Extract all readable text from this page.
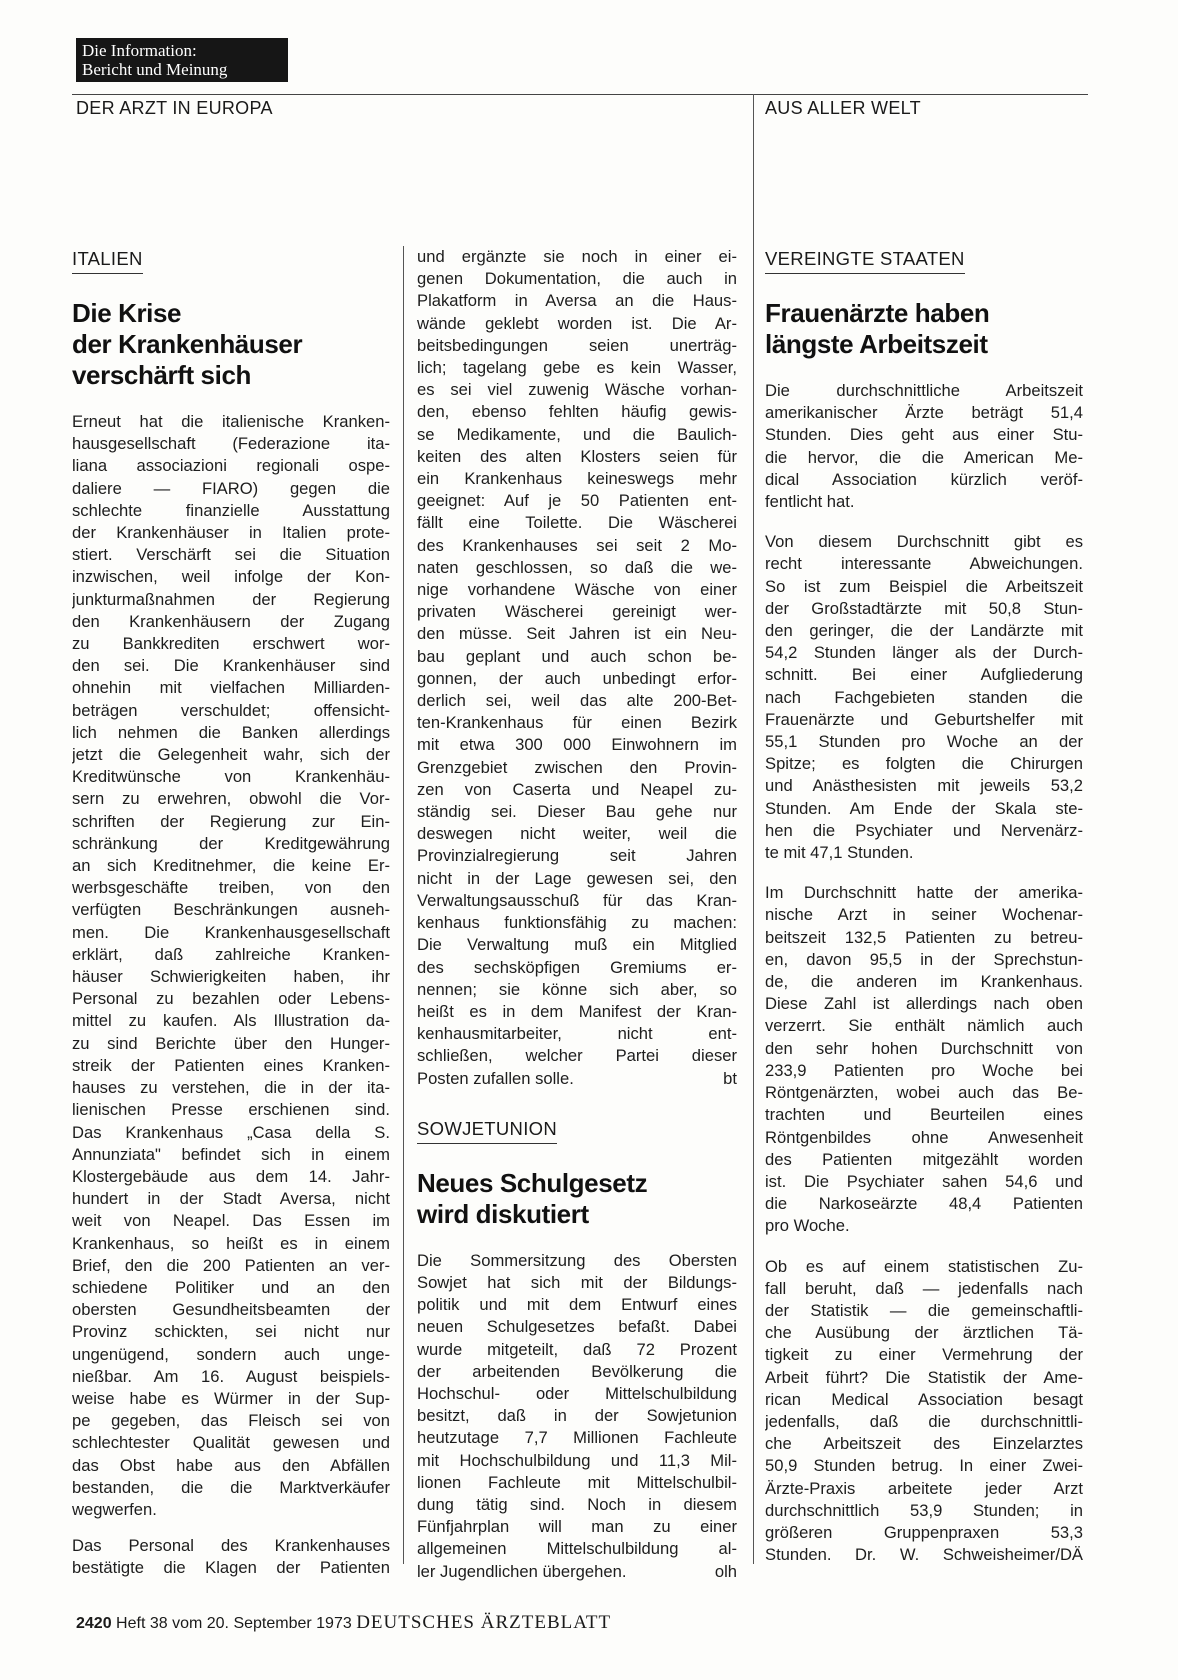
Die Information:
Bericht und Meinung
DER ARZT IN EUROPA	AUS ALLER WELT
ITALIEN
Die Krise
der Krankenhäuser
verschärft sich
Erneut hat die italienische Kranken-
hausgesellschaft (Federazione ita-
liana associazioni regionali ospe-
daliere — FIARO) gegen die
schlechte finanzielle Ausstattung
der Krankenhäuser in Italien prote-
stiert. Verschärft sei die Situation
inzwischen, weil infolge der Kon-
junkturmaßnahmen der Regierung
den Krankenhäusern der Zugang
zu Bankkrediten erschwert wor-
den sei. Die Krankenhäuser sind
ohnehin mit vielfachen Milliarden-
beträgen verschuldet; offensicht-
lich nehmen die Banken allerdings
jetzt die Gelegenheit wahr, sich der
Kreditwünsche von Krankenhäu-
sern zu erwehren, obwohl die Vor-
schriften der Regierung zur Ein-
schränkung der Kreditgewährung
an sich Kreditnehmer, die keine Er-
werbsgeschäfte treiben, von den
verfügten Beschränkungen ausneh-
men. Die Krankenhausgesellschaft
erklärt, daß zahlreiche Kranken-
häuser Schwierigkeiten haben, ihr
Personal zu bezahlen oder Lebens-
mittel zu kaufen. Als Illustration da-
zu sind Berichte über den Hunger-
streik der Patienten eines Kranken-
hauses zu verstehen, die in der ita-
lienischen Presse erschienen sind.
Das Krankenhaus „Casa della S.
Annunziata" befindet sich in einem
Klostergebäude aus dem 14. Jahr-
hundert in der Stadt Aversa, nicht
weit von Neapel. Das Essen im
Krankenhaus, so heißt es in einem
Brief, den die 200 Patienten an ver-
schiedene Politiker und an den
obersten Gesundheitsbeamten der
Provinz schickten, sei nicht nur
ungenügend, sondern auch unge-
nießbar. Am 16. August beispiels-
weise habe es Würmer in der Sup-
pe gegeben, das Fleisch sei von
schlechtester Qualität gewesen und
das Obst habe aus den Abfällen
bestanden, die die Marktverkäufer
wegwerfen.
Das Personal des Krankenhauses
bestätigte die Klagen der Patienten
und ergänzte sie noch in einer ei-
genen Dokumentation, die auch in
Plakatform in Aversa an die Haus-
wände geklebt worden ist. Die Ar-
beitsbedingungen seien unerträg-
lich; tagelang gebe es kein Wasser,
es sei viel zuwenig Wäsche vorhan-
den, ebenso fehlten häufig gewis-
se Medikamente, und die Baulich-
keiten des alten Klosters seien für
ein Krankenhaus keineswegs mehr
geeignet: Auf je 50 Patienten ent-
fällt eine Toilette. Die Wäscherei
des Krankenhauses sei seit 2 Mo-
naten geschlossen, so daß die we-
nige vorhandene Wäsche von einer
privaten Wäscherei gereinigt wer-
den müsse. Seit Jahren ist ein Neu-
bau geplant und auch schon be-
gonnen, der auch unbedingt erfor-
derlich sei, weil das alte 200-Bet-
ten-Krankenhaus für einen Bezirk
mit etwa 300 000 Einwohnern im
Grenzgebiet zwischen den Provin-
zen von Caserta und Neapel zu-
ständig sei. Dieser Bau gehe nur
deswegen nicht weiter, weil die
Provinzialregierung seit Jahren
nicht in der Lage gewesen sei, den
Verwaltungsausschuß für das Kran-
kenhaus funktionsfähig zu machen:
Die Verwaltung muß ein Mitglied
des sechsköpfigen Gremiums er-
nennen; sie könne sich aber, so
heißt es in dem Manifest der Kran-
kenhausmitarbeiter, nicht ent-
schließen, welcher Partei dieser
Posten zufallen solle.	bt
SOWJETUNION
Neues Schulgesetz
wird diskutiert
Die Sommersitzung des Obersten
Sowjet hat sich mit der Bildungs-
politik und mit dem Entwurf eines
neuen Schulgesetzes befaßt. Dabei
wurde mitgeteilt, daß 72 Prozent
der arbeitenden Bevölkerung die
Hochschul- oder Mittelschulbildung
besitzt, daß in der Sowjetunion
heutzutage 7,7 Millionen Fachleute
mit Hochschulbildung und 11,3 Mil-
lionen Fachleute mit Mittelschulbil-
dung tätig sind. Noch in diesem
Fünfjahrplan will man zu einer
allgemeinen Mittelschulbildung al-
ler Jugendlichen übergehen.	olh
VEREINGTE STAATEN
Frauenärzte haben
längste Arbeitszeit
Die durchschnittliche Arbeitszeit
amerikanischer Ärzte beträgt 51,4
Stunden. Dies geht aus einer Stu-
die hervor, die die American Me-
dical Association kürzlich veröf-
fentlicht hat.
Von diesem Durchschnitt gibt es
recht interessante Abweichungen.
So ist zum Beispiel die Arbeitszeit
der Großstadtärzte mit 50,8 Stun-
den geringer, die der Landärzte mit
54,2 Stunden länger als der Durch-
schnitt. Bei einer Aufgliederung
nach Fachgebieten standen die
Frauenärzte und Geburtshelfer mit
55,1 Stunden pro Woche an der
Spitze; es folgten die Chirurgen
und Anästhesisten mit jeweils 53,2
Stunden. Am Ende der Skala ste-
hen die Psychiater und Nervenärz-
te mit 47,1 Stunden.
Im Durchschnitt hatte der amerika-
nische Arzt in seiner Wochenar-
beitszeit 132,5 Patienten zu betreu-
en, davon 95,5 in der Sprechstun-
de, die anderen im Krankenhaus.
Diese Zahl ist allerdings nach oben
verzerrt. Sie enthält nämlich auch
den sehr hohen Durchschnitt von
233,9 Patienten pro Woche bei
Röntgenärzten, wobei auch das Be-
trachten und Beurteilen eines
Röntgenbildes ohne Anwesenheit
des Patienten mitgezählt worden
ist. Die Psychiater sahen 54,6 und
die Narkoseärzte 48,4 Patienten
pro Woche.
Ob es auf einem statistischen Zu-
fall beruht, daß — jedenfalls nach
der Statistik — die gemeinschaftli-
che Ausübung der ärztlichen Tä-
tigkeit zu einer Vermehrung der
Arbeit führt? Die Statistik der Ame-
rican Medical Association besagt
jedenfalls, daß die durchschnittli-
che Arbeitszeit des Einzelarztes
50,9 Stunden betrug. In einer Zwei-
Ärzte-Praxis arbeitete jeder Arzt
durchschnittlich 53,9 Stunden; in
größeren Gruppenpraxen 53,3
Stunden. Dr. W. Schweisheimer/DÄ
2420 Heft 38 vom 20. September 1973 DEUTSCHES ÄRZTEBLATT
